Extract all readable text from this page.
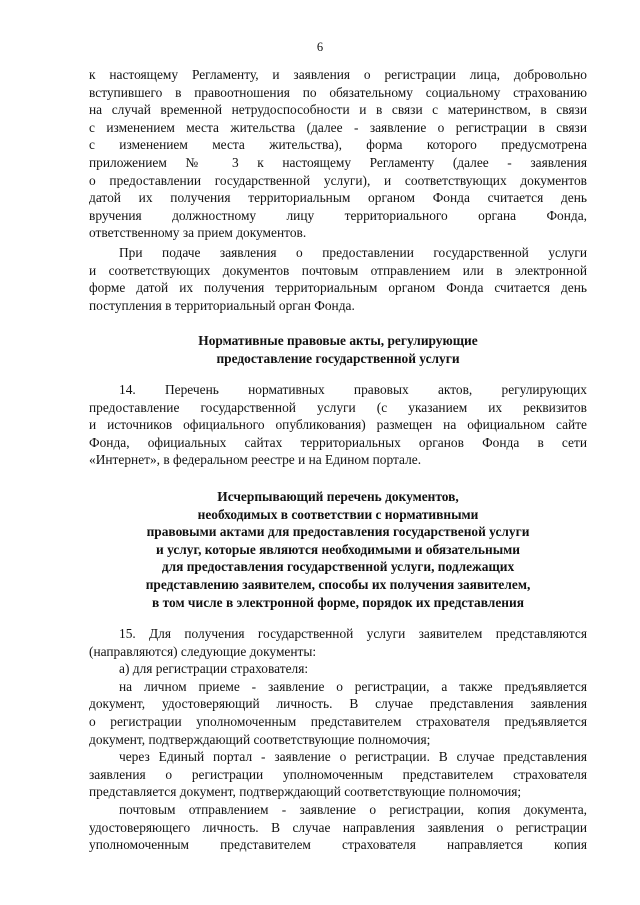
6
к настоящему Регламенту, и заявления о регистрации лица, добровольно
вступившего в правоотношения по обязательному социальному страхованию
на случай временной нетрудоспособности и в связи с материнством, в связи
с изменением места жительства (далее - заявление о регистрации в связи
с изменением места жительства), форма которого предусмотрена
приложением № 3 к настоящему Регламенту (далее - заявления
о предоставлении государственной услуги), и соответствующих документов
датой их получения территориальным органом Фонда считается день
вручения должностному лицу территориального органа Фонда,
ответственному за прием документов.
При подаче заявления о предоставлении государственной услуги
и соответствующих документов почтовым отправлением или в электронной
форме датой их получения территориальным органом Фонда считается день
поступления в территориальный орган Фонда.
Нормативные правовые акты, регулирующие
предоставление государственной услуги
14. Перечень нормативных правовых актов, регулирующих
предоставление государственной услуги (с указанием их реквизитов
и источников официального опубликования) размещен на официальном сайте
Фонда, официальных сайтах территориальных органов Фонда в сети
«Интернет», в федеральном реестре и на Едином портале.
Исчерпывающий перечень документов,
необходимых в соответствии с нормативными
правовыми актами для предоставления государственой услуги
и услуг, которые являются необходимыми и обязательными
для предоставления государственной услуги, подлежащих
представлению заявителем, способы их получения заявителем,
в том числе в электронной форме, порядок их представления
15. Для получения государственной услуги заявителем представляются
(направляются) следующие документы:
а) для регистрации страхователя:
на личном приеме - заявление о регистрации, а также предъявляется
документ, удостоверяющий личность. В случае представления заявления
о регистрации уполномоченным представителем страхователя предъявляется
документ, подтверждающий соответствующие полномочия;
через Единый портал - заявление о регистрации. В случае представления
заявления о регистрации уполномоченным представителем страхователя
представляется документ, подтверждающий соответствующие полномочия;
почтовым отправлением - заявление о регистрации, копия документа,
удостоверяющего личность. В случае направления заявления о регистрации
уполномоченным представителем страхователя направляется копия
